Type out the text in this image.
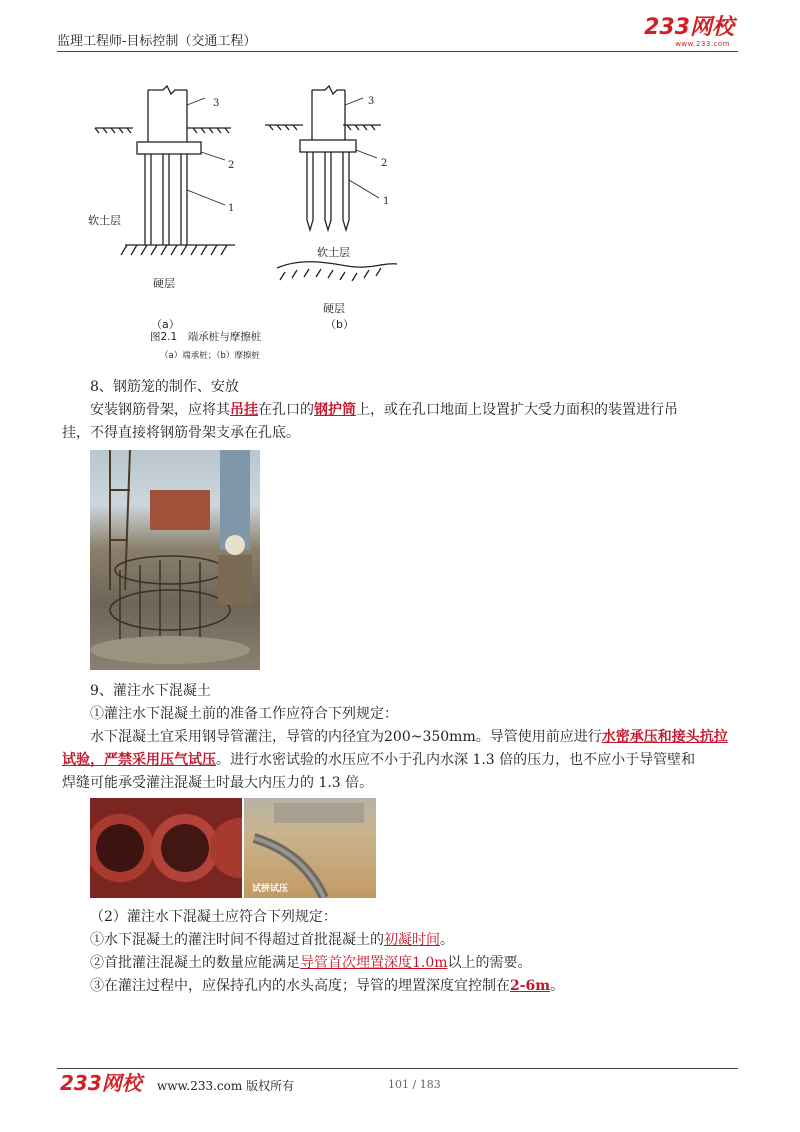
监理工程师-目标控制（交通工程）
233网校
www.233.com
3
2
1
3
2
1
软土层
硬层
软土层
硬层
（a）	（b）
图2.1　端承桩与摩擦桩
（a）端承桩；（b）摩擦桩
8、钢筋笼的制作、安放
安装钢筋骨架，应将其吊挂在孔口的钢护筒上，或在孔口地面上设置扩大受力面积的装置进行吊
挂，不得直接将钢筋骨架支承在孔底。
9、灌注水下混凝土
①灌注水下混凝土前的准备工作应符合下列规定：
水下混凝土宜采用钢导管灌注，导管的内径宜为200~350mm。导管使用前应进行水密承压和接头抗拉
试验，严禁采用压气试压。进行水密试验的水压应不小于孔内水深 1.3 倍的压力，也不应小于导管壁和
焊缝可能承受灌注混凝土时最大内压力的 1.3 倍。
试拼试压
（2）灌注水下混凝土应符合下列规定：
①水下混凝土的灌注时间不得超过首批混凝土的初凝时间。
②首批灌注混凝土的数量应能满足导管首次埋置深度1.0m以上的需要。
③在灌注过程中，应保持孔内的水头高度；导管的埋置深度宜控制在2-6m。
233网校 www.233.com 版权所有	101 / 183
